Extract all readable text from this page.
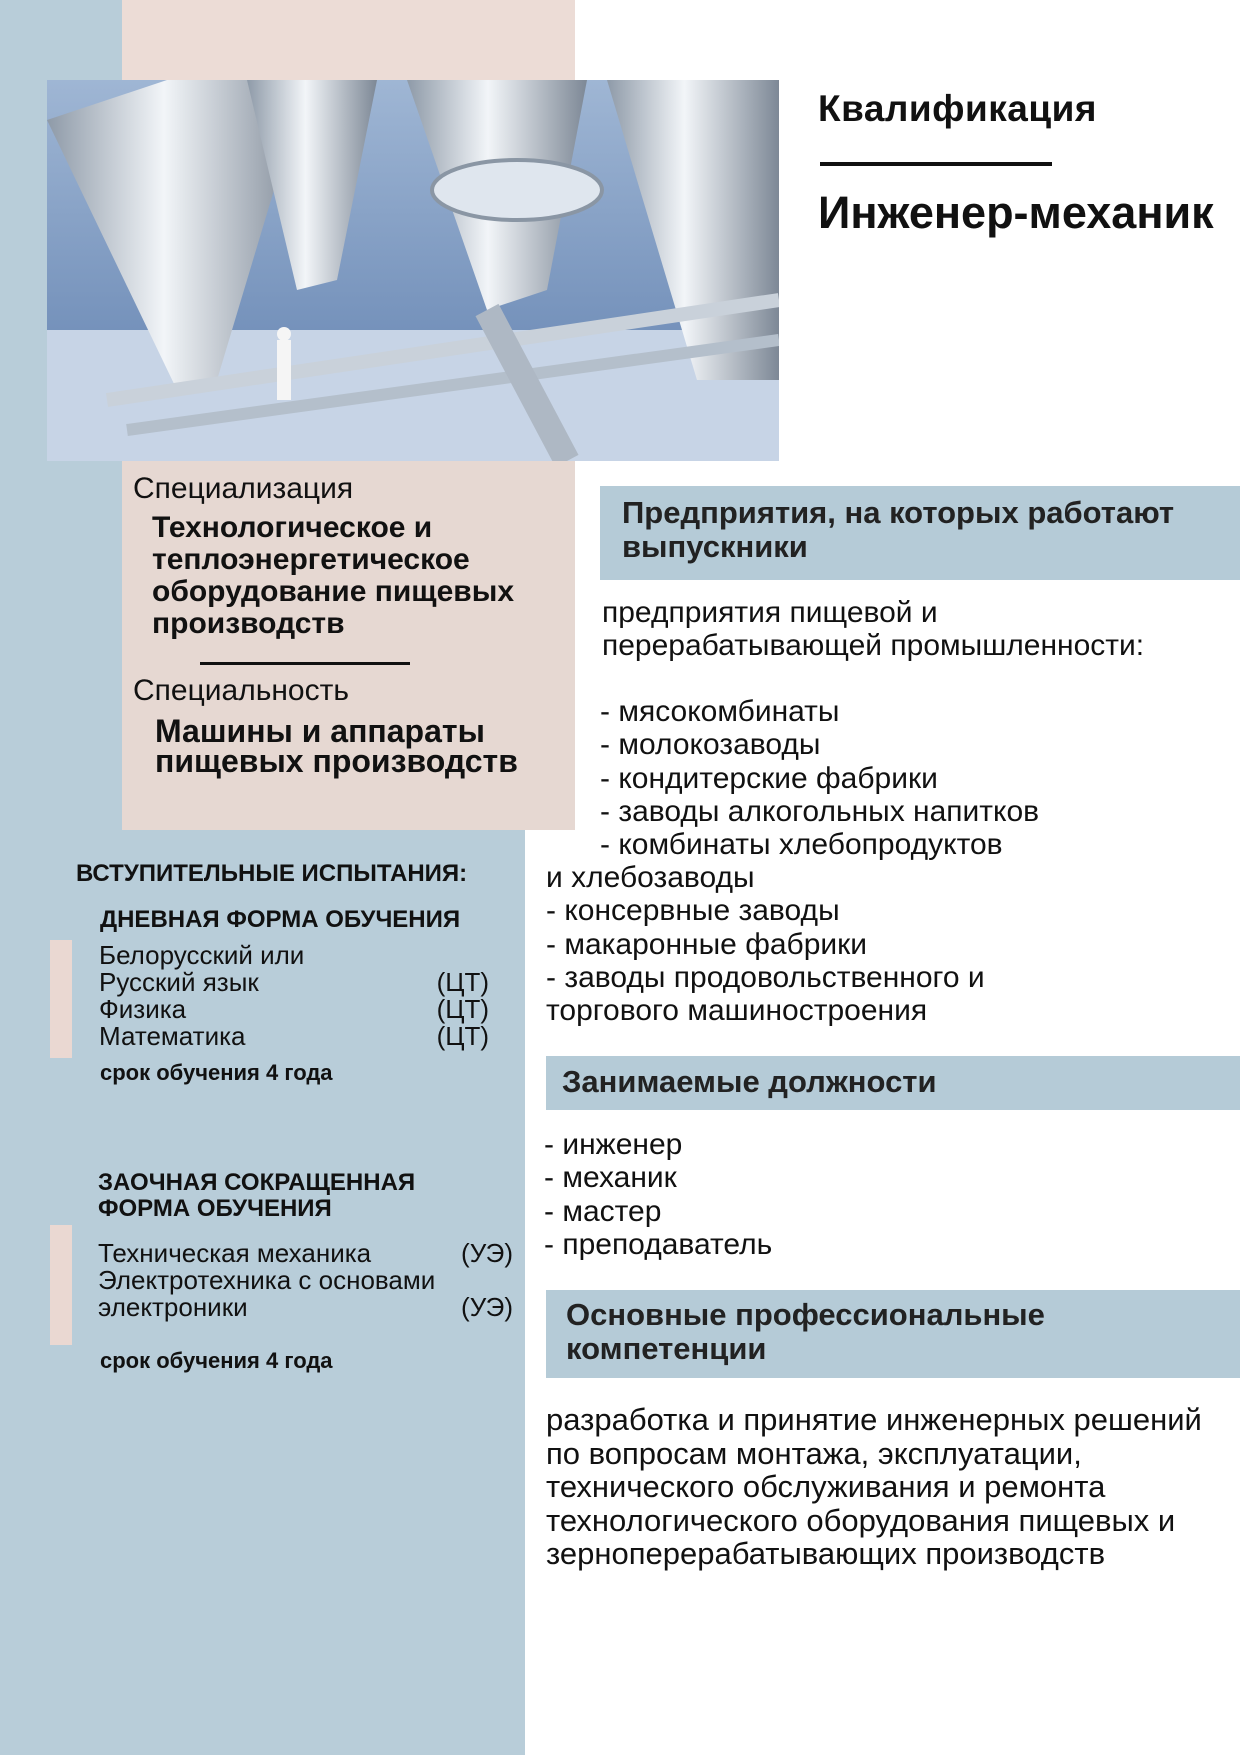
Квалификация
Инженер-механик
Специализация
Технологическое и теплоэнергетическое оборудование пищевых производств
Специальность
Машины и аппараты пищевых производств
Предприятия, на которых работают выпускники
предприятия пищевой и перерабатывающей промышленности:
- мясокомбинаты
- молокозаводы
- кондитерские фабрики
- заводы алкогольных напитков
- комбинаты хлебопродуктов
и хлебозаводы
- консервные заводы
- макаронные фабрики
- заводы продовольственного и
торгового машиностроения
Занимаемые должности
- инженер
- механик
- мастер
- преподаватель
Основные профессиональные компетенции
разработка и принятие инженерных решений по вопросам монтажа, эксплуатации, технического обслуживания и ремонта технологического оборудования пищевых и зерноперерабатывающих производств
ВСТУПИТЕЛЬНЫЕ ИСПЫТАНИЯ:
ДНЕВНАЯ ФОРМА ОБУЧЕНИЯ
Белорусский или
Русский язык	(ЦТ)
Физика	(ЦТ)
Математика	(ЦТ)
срок обучения 4 года
ЗАОЧНАЯ СОКРАЩЕННАЯ ФОРМА ОБУЧЕНИЯ
Техническая механика	(УЭ)
Электротехника с основами
электроники	(УЭ)
срок обучения 4 года
